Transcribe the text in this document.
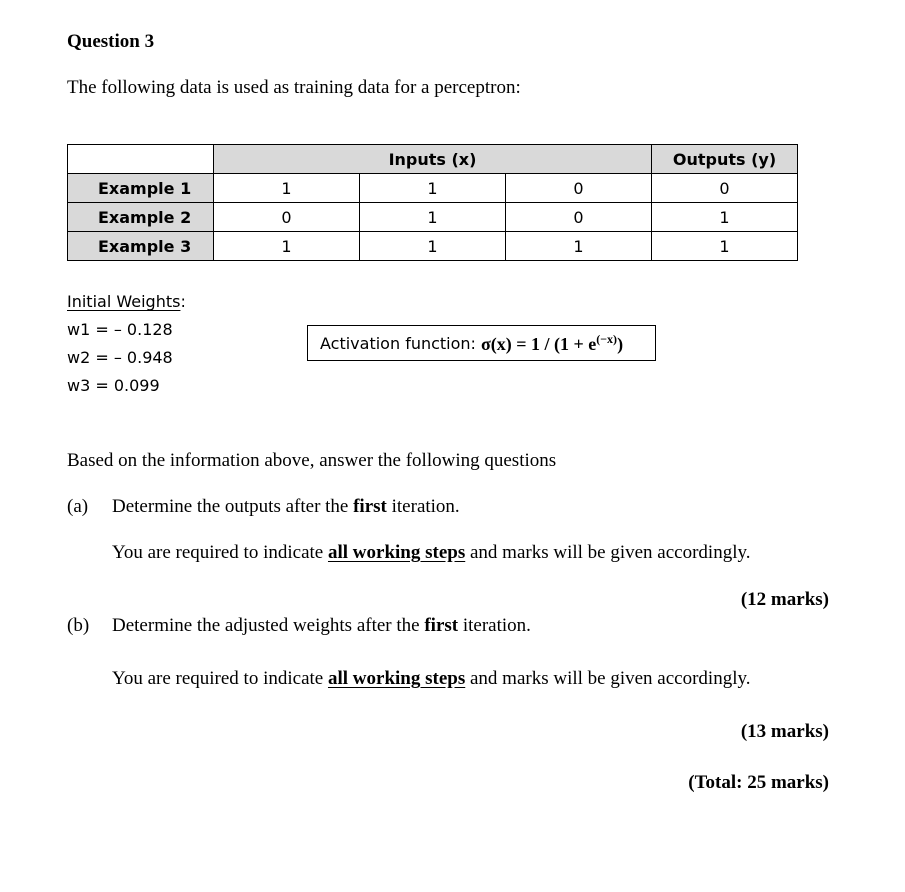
Question 3
The following data is used as training data for a perceptron:
	Inputs (x)			Outputs (y)
Example 1	1	1	0	0
Example 2	0	1	0	1
Example 3	1	1	1	1
Initial Weights:
w1 = – 0.128
w2 = – 0.948
w3 = 0.099
Activation function: $\sigma(x) = 1 / (1 + e^{(-x)})$
Based on the information above, answer the following questions
(a) Determine the outputs after the first iteration.
You are required to indicate all working steps and marks will be given accordingly.
(12 marks)
(b) Determine the adjusted weights after the first iteration.
You are required to indicate all working steps and marks will be given accordingly.
(13 marks)
(Total: 25 marks)
